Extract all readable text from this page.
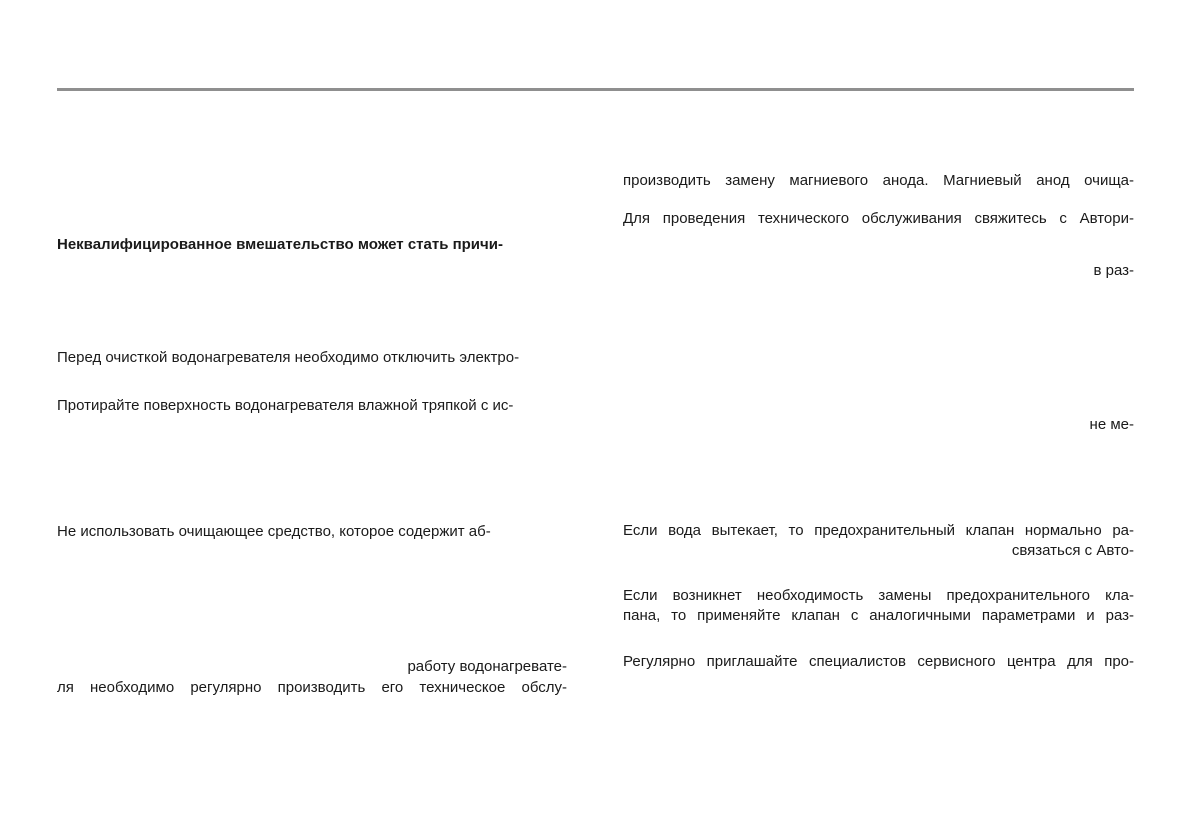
Неквалифицированное вмешательство может стать причи-
Перед очисткой водонагревателя необходимо отключить электро-
Протирайте поверхность водонагревателя влажной тряпкой с ис-
Не использовать очищающее средство, которое содержит аб-
работу водонагревате-
ля необходимо регулярно производить его техническое обслу-
производить замену магниевого анода. Магниевый анод очища-
Для проведения технического обслуживания свяжитесь с Автори-
в раз-
не ме-
Если вода вытекает, то предохранительный клапан нормально ра-
связаться с Авто-
Если возникнет необходимость замены предохранительного кла-
пана, то применяйте клапан с аналогичными параметрами и раз-
Регулярно приглашайте специалистов сервисного центра для про-
